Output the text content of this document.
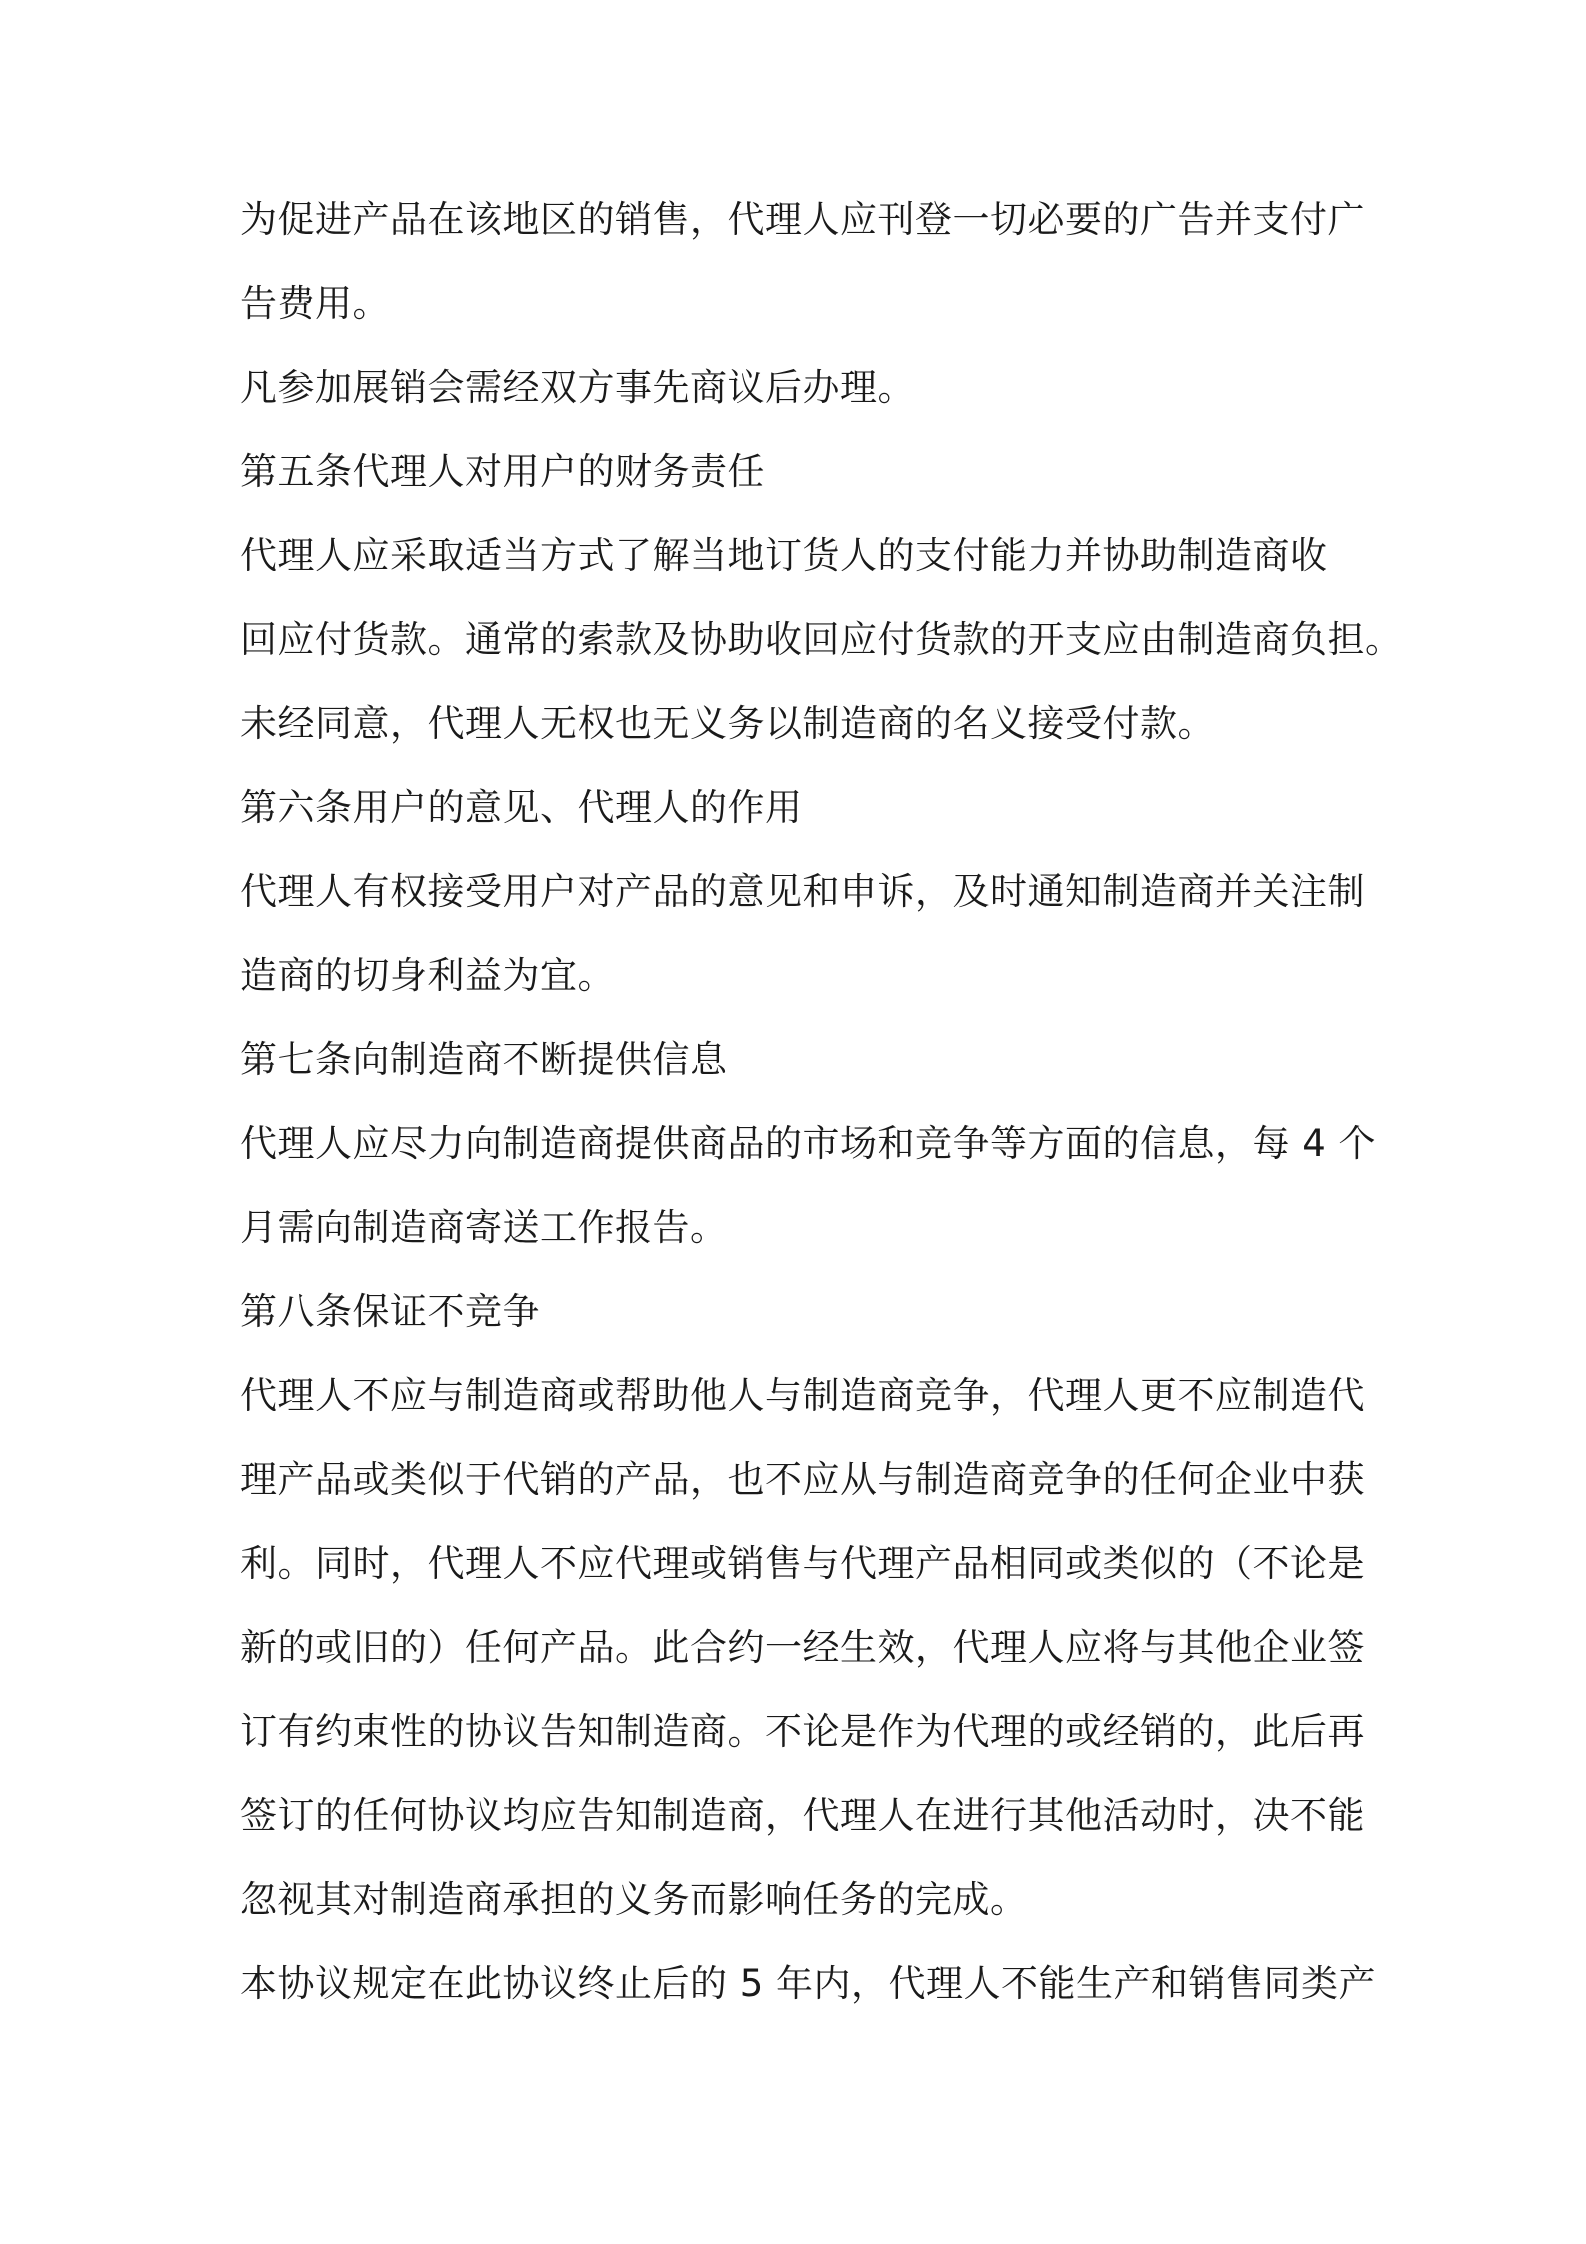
为促进产品在该地区的销售，代理人应刊登一切必要的广告并支付广
告费用。
凡参加展销会需经双方事先商议后办理。
第五条代理人对用户的财务责任
代理人应采取适当方式了解当地订货人的支付能力并协助制造商收
回应付货款。通常的索款及协助收回应付货款的开支应由制造商负担。
未经同意，代理人无权也无义务以制造商的名义接受付款。
第六条用户的意见、代理人的作用
代理人有权接受用户对产品的意见和申诉，及时通知制造商并关注制
造商的切身利益为宜。
第七条向制造商不断提供信息
代理人应尽力向制造商提供商品的市场和竞争等方面的信息，每 4 个
月需向制造商寄送工作报告。
第八条保证不竞争
代理人不应与制造商或帮助他人与制造商竞争，代理人更不应制造代
理产品或类似于代销的产品，也不应从与制造商竞争的任何企业中获
利。同时，代理人不应代理或销售与代理产品相同或类似的（不论是
新的或旧的）任何产品。此合约一经生效，代理人应将与其他企业签
订有约束性的协议告知制造商。不论是作为代理的或经销的，此后再
签订的任何协议均应告知制造商，代理人在进行其他活动时，决不能
忽视其对制造商承担的义务而影响任务的完成。
本协议规定在此协议终止后的 5 年内，代理人不能生产和销售同类产
